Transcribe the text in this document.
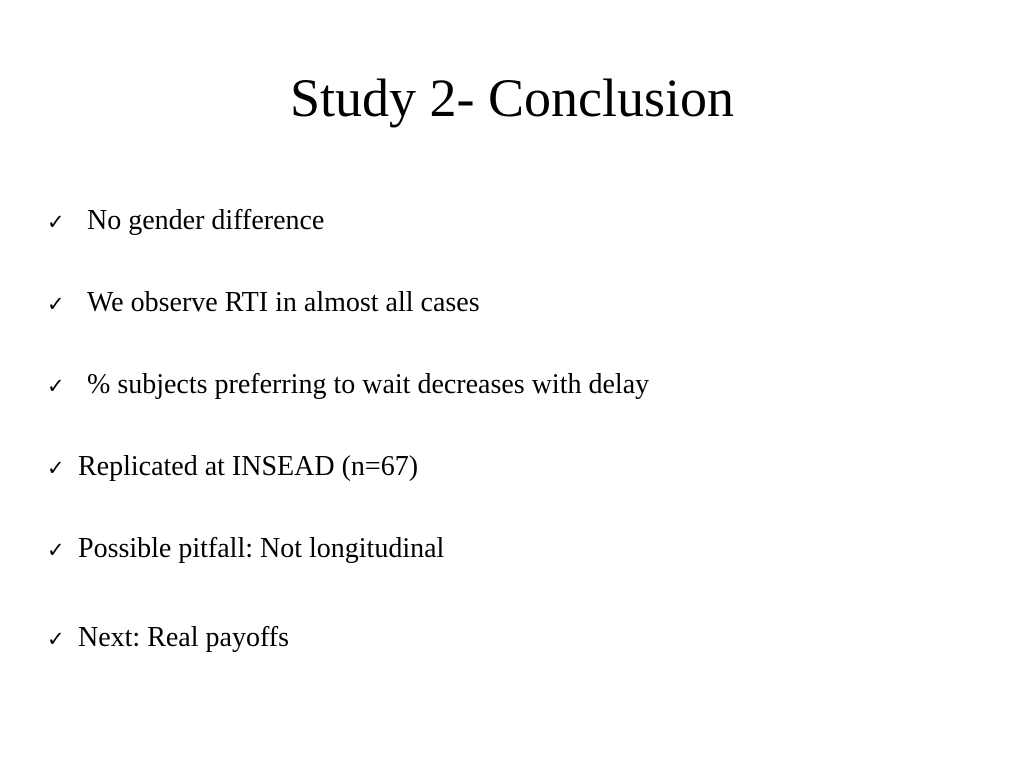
Study 2- Conclusion
✓ No gender difference
✓ We observe RTI in almost all cases
✓ % subjects preferring to wait decreases with delay
✓ Replicated at INSEAD (n=67)
✓ Possible pitfall: Not longitudinal
✓ Next: Real payoffs
